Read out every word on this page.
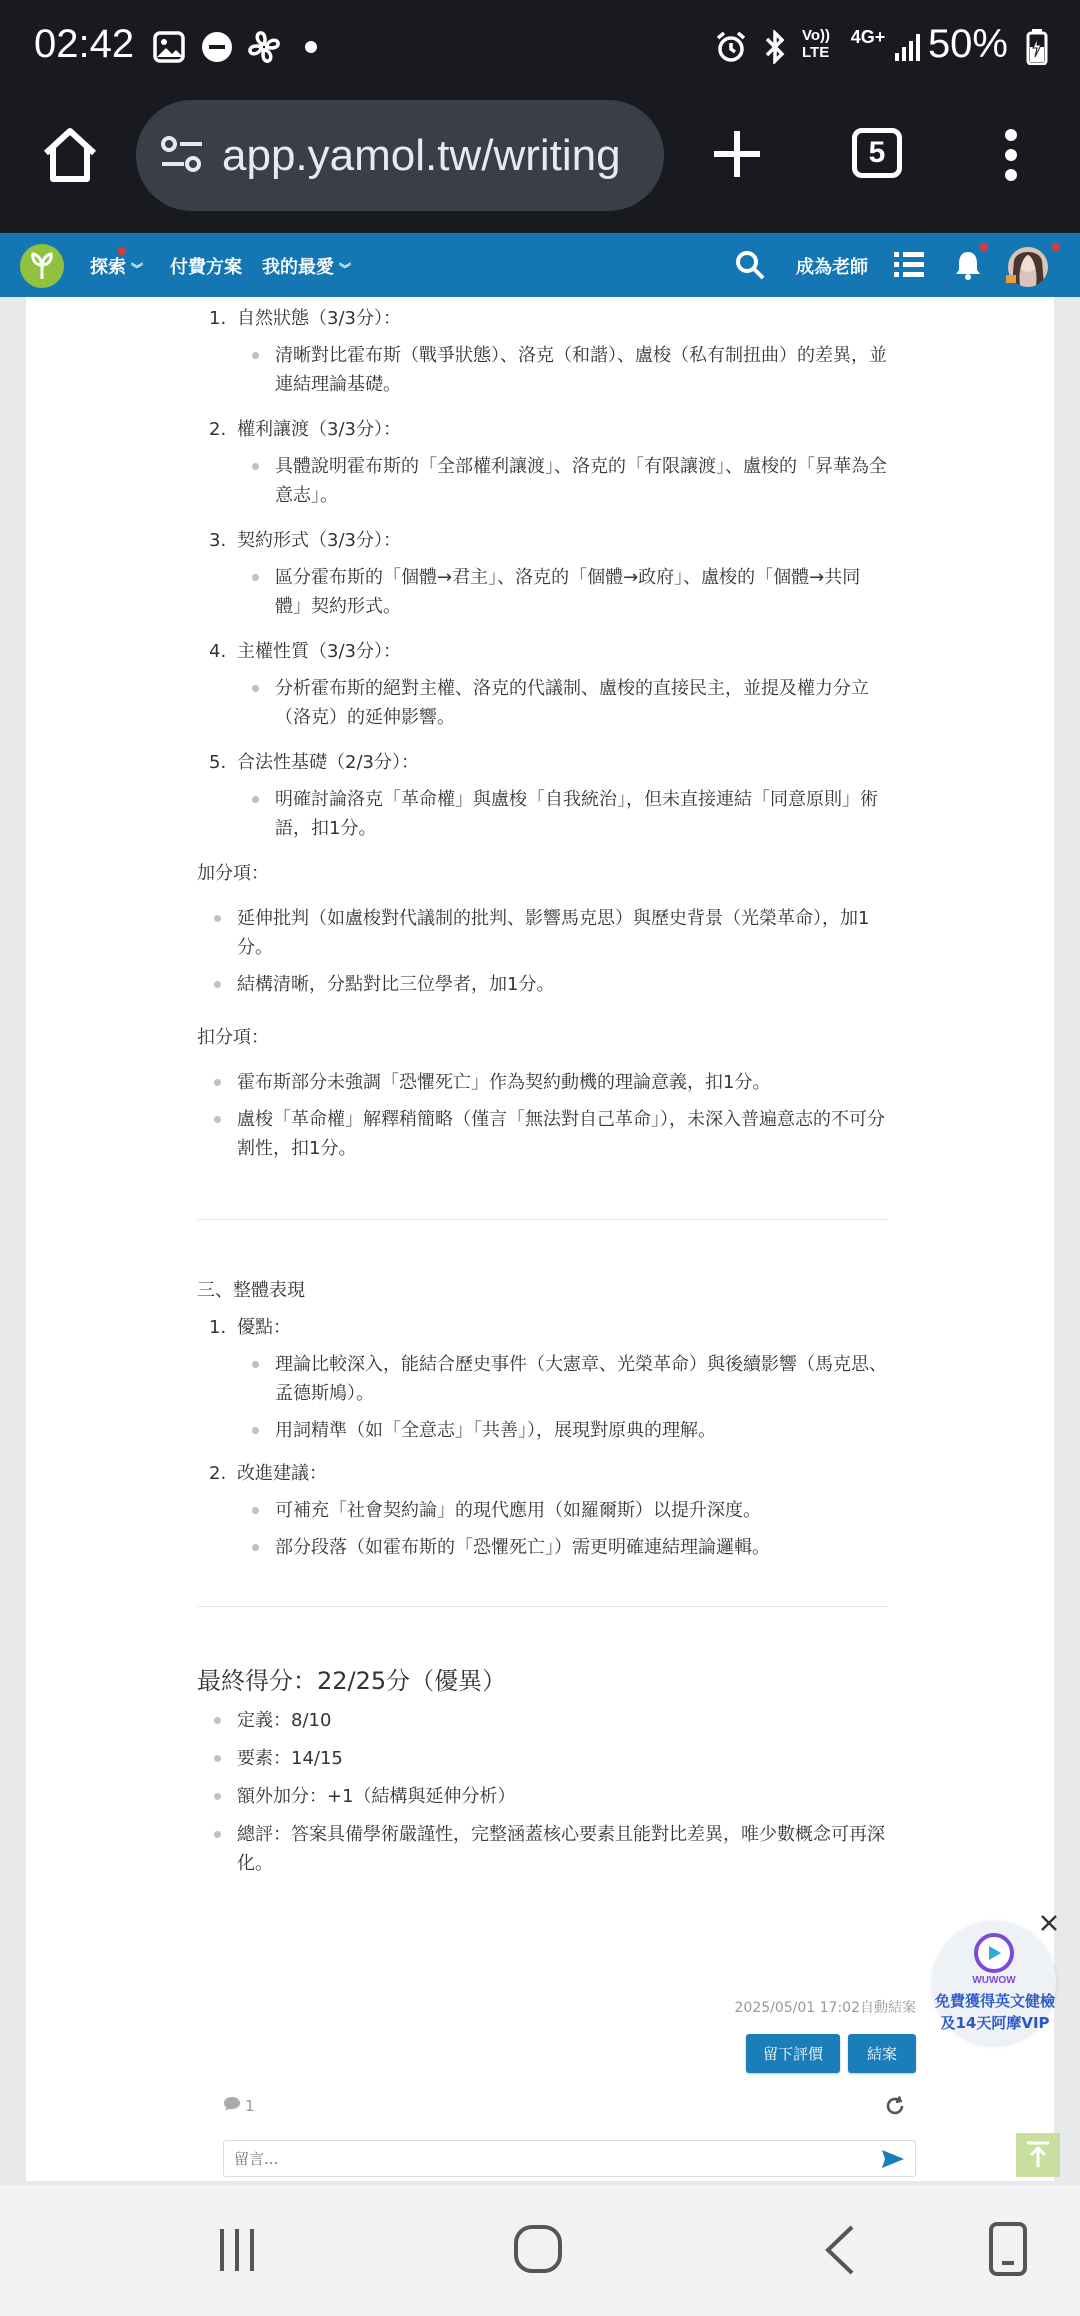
02:42	Vo)) LTE
4G+ 50%
app.yamol.tw/writing	5
探索 ︾ 付費方案 我的最愛 ︾	成為老師
1. 自然狀態（3/3分）：
清晰對比霍布斯（戰爭狀態）、洛克（和諧）、盧梭（私有制扭曲）的差異，並連結理論基礎。
2. 權利讓渡（3/3分）：
具體說明霍布斯的「全部權利讓渡」、洛克的「有限讓渡」、盧梭的「昇華為全意志」。
3. 契約形式（3/3分）：
區分霍布斯的「個體→君主」、洛克的「個體→政府」、盧梭的「個體→共同體」契約形式。
4. 主權性質（3/3分）：
分析霍布斯的絕對主權、洛克的代議制、盧梭的直接民主，並提及權力分立（洛克）的延伸影響。
5. 合法性基礎（2/3分）：
明確討論洛克「革命權」與盧梭「自我統治」，但未直接連結「同意原則」術語，扣1分。
加分項：
延伸批判（如盧梭對代議制的批判、影響馬克思）與歷史背景（光榮革命），加1分。
結構清晰，分點對比三位學者，加1分。
扣分項：
霍布斯部分未強調「恐懼死亡」作為契約動機的理論意義，扣1分。
盧梭「革命權」解釋稍簡略（僅言「無法對自己革命」），未深入普遍意志的不可分割性，扣1分。
三、整體表現
1. 優點：
理論比較深入，能結合歷史事件（大憲章、光榮革命）與後續影響（馬克思、孟德斯鳩）。
用詞精準（如「全意志」「共善」），展現對原典的理解。
2. 改進建議：
可補充「社會契約論」的現代應用（如羅爾斯）以提升深度。
部分段落（如霍布斯的「恐懼死亡」）需更明確連結理論邏輯。
最終得分：22/25分（優異）
定義：8/10
要素：14/15
額外加分：+1（結構與延伸分析）
總評：答案具備學術嚴謹性，完整涵蓋核心要素且能對比差異，唯少數概念可再深化。
2025/05/01 17:02自動結案
留下評價	結案
1
留言...
WUWOW
免費獲得英文健檢
及14天阿摩VIP
